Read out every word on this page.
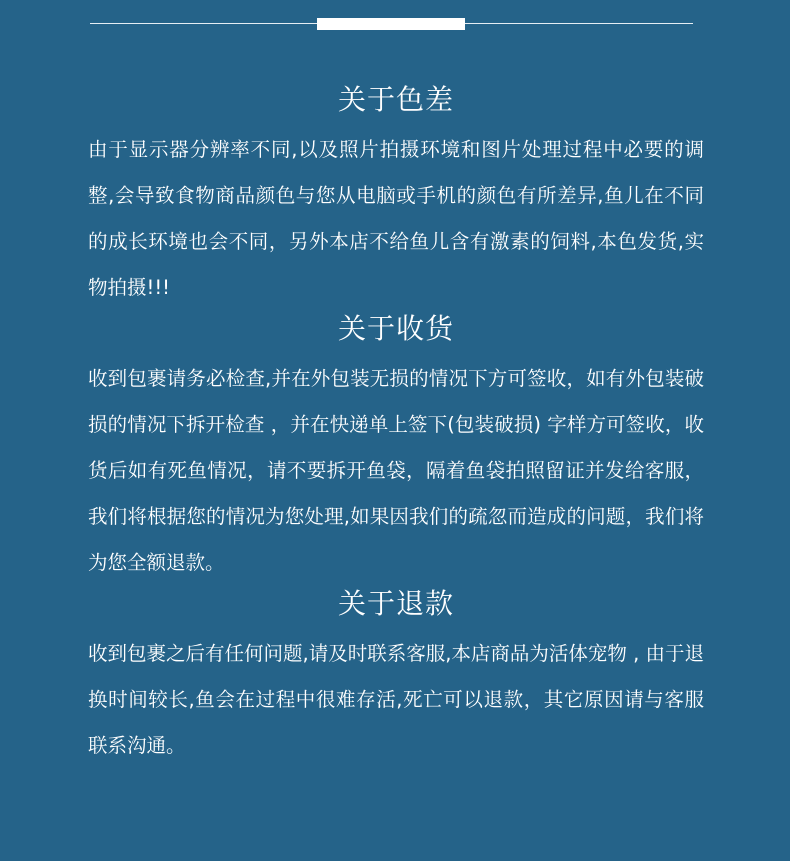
关于色差

由于显示器分辨率不同,以及照片拍摄环境和图片处理过程中必要的调整,会导致食物商品颜色与您从电脑或手机的颜色有所差异,鱼儿在不同的成长环境也会不同，另外本店不给鱼儿含有激素的饲料,本色发货,实物拍摄!!!

关于收货

收到包裹请务必检查,并在外包装无损的情况下方可签收，如有外包装破损的情况下拆开检查 ，并在快递单上签下(包装破损) 字样方可签收，收货后如有死鱼情况，请不要拆开鱼袋，隔着鱼袋拍照留证并发给客服，我们将根据您的情况为您处理,如果因我们的疏忽而造成的问题，我们将为您全额退款。

关于退款

收到包裹之后有任何问题,请及时联系客服,本店商品为活体宠物 , 由于退换时间较长,鱼会在过程中很难存活,死亡可以退款，其它原因请与客服联系沟通。
